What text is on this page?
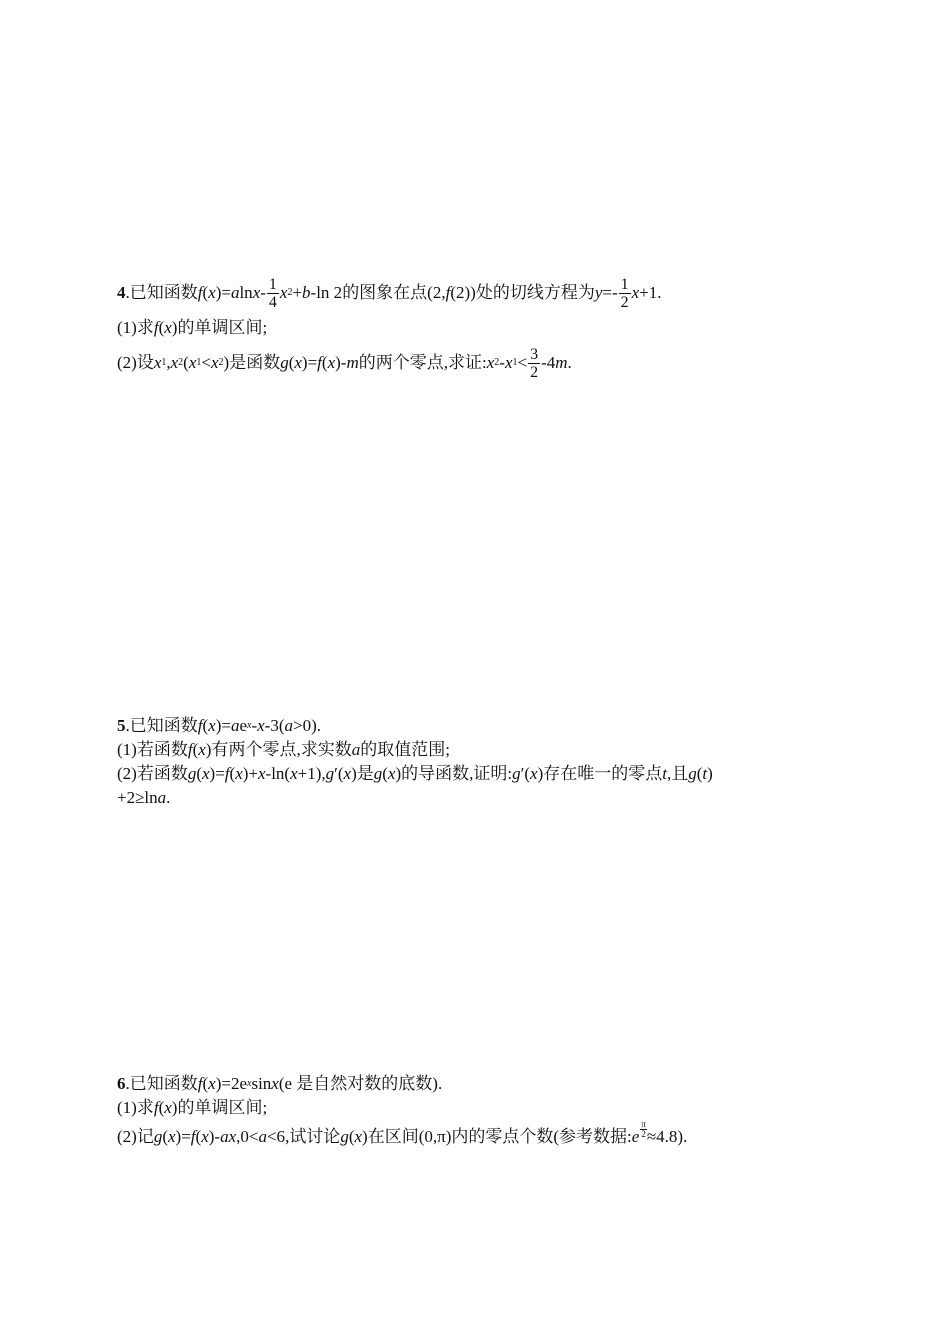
4 .已知函数 f ( x )= a ln x - $\frac{1}{4}$ x 2 + b -ln 2 的图象在点(2, f (2))处的切线方程为 $y =- \frac{1}{2}$ x +1.
(1)求 f ( x ) 的单调区间;
(2)设 x 1 , x 2 ( x 1 < x 2 ) 是函数 g ( x )= f ( x )- m 的两个零点,求证: x 2 - x $1 < \frac{3}{2} -4$ m .
5 .已知函数 f ( x )= a e x - x -3( a >0).
(1)若函数 f ( x ) 有两个零点,求实数 a 的取值范围;
(2)若函数 g ( x )= f ( x )+ x -ln( x +1), g ′( x ) 是 g ( x ) 的导函数,证明: g ′( x ) 存在唯一的零点 t ,且 g ( t )
+2≥ln a .
6 .已知函数 f ( x )=2e x sin x (e 是自然对数的底数).
(1)求 f ( x ) 的单调区间;
(2)记 g ( x )= f ( x )- ax ,0< a <6 ,试讨论 g ( x ) 在区间(0,π)内的零点个数(参考数据: e
π
2 ≈4.8).
